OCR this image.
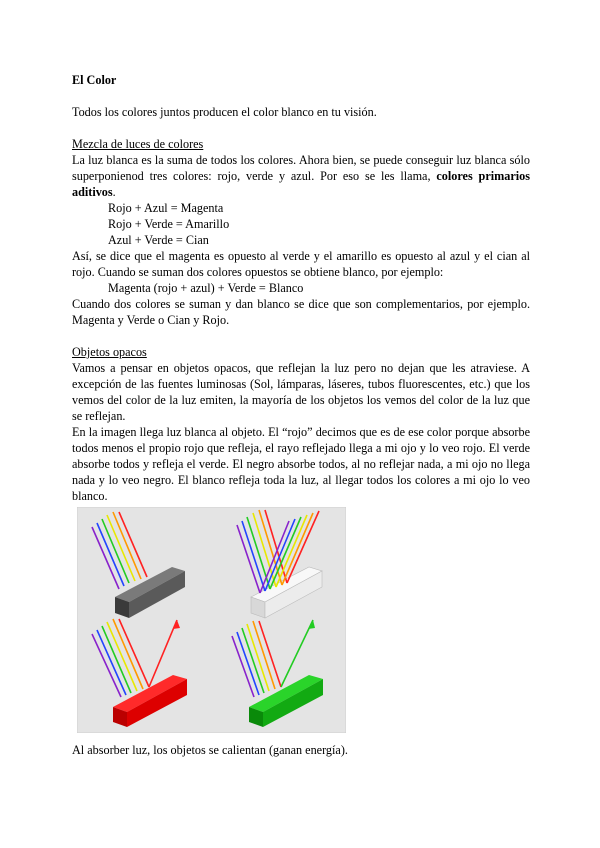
El Color
Todos los colores juntos producen el color blanco en tu visión.
Mezcla de luces de colores
La luz blanca es la suma de todos los colores. Ahora bien, se puede conseguir luz blanca sólo
superponienod tres colores: rojo, verde y azul. Por eso se les llama, colores primarios
aditivos.
Rojo + Azul = Magenta
Rojo + Verde = Amarillo
Azul + Verde = Cian
Así, se dice que el magenta es opuesto al verde y el amarillo es opuesto al azul y el cian al
rojo. Cuando se suman dos colores opuestos se obtiene blanco, por ejemplo:
Magenta (rojo + azul) + Verde = Blanco
Cuando dos colores se suman y dan blanco se dice que son complementarios, por ejemplo.
Magenta y Verde o Cian y Rojo.
Objetos opacos
Vamos a pensar en objetos opacos, que reflejan la luz pero no dejan que les atraviese. A
excepción de las fuentes luminosas (Sol, lámparas, láseres, tubos fluorescentes, etc.) que los
vemos del color de la luz emiten, la mayoría de los objetos los vemos del color de la luz que
se reflejan.
En la imagen llega luz blanca al objeto. El “rojo” decimos que es de ese color porque absorbe
todos menos el propio rojo que refleja, el rayo reflejado llega a mi ojo y lo veo rojo. El verde
absorbe todos y refleja el verde. El negro absorbe todos, al no reflejar nada, a mi ojo no llega
nada y lo veo negro. El blanco refleja toda la luz, al llegar todos los colores a mi ojo lo veo
blanco.
Al absorber luz, los objetos se calientan (ganan energía).
